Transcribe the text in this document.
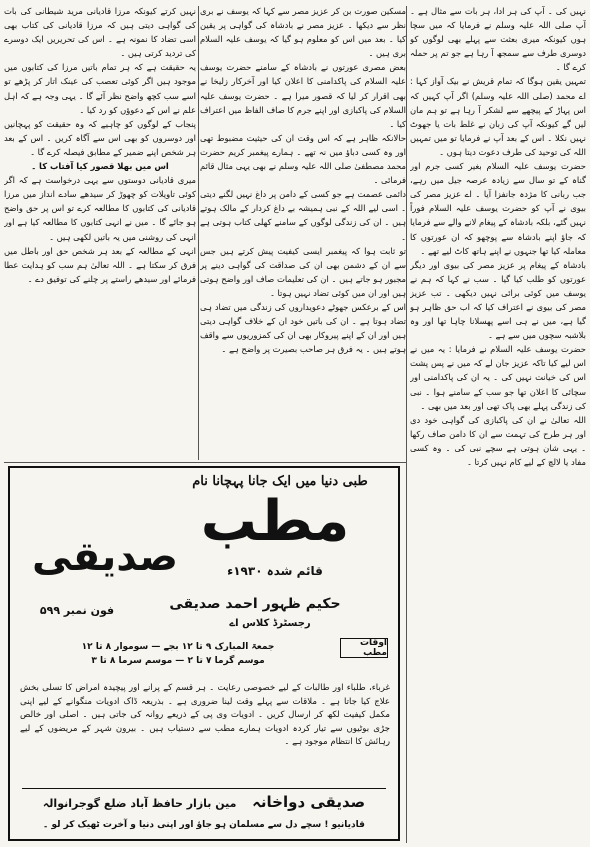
نہیں کی ۔ آپ کی ہر ادا، ہر بات سے مثال ہے ۔ آپ صلی اللہ علیہ وسلم نے فرمایا کہ میں سچا ہوں کیونکہ میری بعثت سے پہلے بھی لوگوں کو دوسری طرف سے سمجھ آ رہا ہے جو تم پر حملہ کرے گا ۔

تمہیں یقین ہوگا کہ تمام قریش نے بیک آواز کہا : اے محمد (صلی اللہ علیہ وسلم) اگر آپ کہیں کہ اس پہاڑ کے پیچھے سے لشکر آ رہا ہے تو ہم مان لیں گے کیونکہ آپ کی زبان نے غلط بات یا جھوٹ نہیں نکلا ۔ اس کے بعد آپ نے فرمایا تو میں تمہیں اللہ کی توحید کی طرف دعوت دیتا ہوں ۔

حضرت یوسف علیہ السلام بغیر کسی جرم اور گناہ کے تو سال سے زیادہ عرصہ جیل میں رہے، جب ربانی کا مژدہ جانفزا آیا ۔ اے عزیز مصر کی بیوی نے آپ کو حضرت یوسف علیہ السلام فوراً نہیں گئے، بلکہ بادشاہ کے پیغام لانے والے سے فرمایا کہ جاؤ اپنے بادشاہ سے پوچھو کہ ان عورتوں کا معاملہ کیا تھا جنہوں نے اپنے ہاتھ کاٹ لیے تھے ۔

بادشاہ کے پیغام پر عزیز مصر کی بیوی اور دیگر عورتوں کو طلب کیا گیا ۔ سب نے کہا کہ ہم نے یوسف میں کوئی برائی نہیں دیکھی ۔ تب عزیز مصر کی بیوی نے اعتراف کیا کہ اب حق ظاہر ہو گیا ہے، میں نے ہی اسے پھسلانا چاہا تھا اور وہ بلاشبہ سچوں میں سے ہے ۔

حضرت یوسف علیہ السلام نے فرمایا : یہ میں نے اس لیے کیا تاکہ عزیز جان لے کہ میں نے پس پشت اس کی خیانت نہیں کی ۔ یہ ان کی پاکدامنی اور سچائی کا اعلان تھا جو سب کے سامنے ہوا ۔ نبی کی زندگی پہلے بھی پاک تھی اور بعد میں بھی ۔

اللہ تعالیٰ نے ان کی پاکبازی کی گواہی خود دی اور ہر طرح کی تہمت سے ان کا دامن صاف رکھا ۔ یہی شان ہوتی ہے سچے نبی کی ۔ وہ کسی مفاد یا لالچ کے لیے کام نہیں کرتا ۔

مسکین صورت بن کر عزیز مصر سے کہا کہ یوسف نے بری نظر سے دیکھا ۔ عزیز مصر نے بادشاہ کی گواہی پر یقین کیا ۔ بعد میں اس کو معلوم ہو گیا کہ یوسف علیہ السلام بری ہیں ۔

بعض مصری عورتوں نے بادشاہ کے سامنے حضرت یوسف علیہ السلام کی پاکدامنی کا اعلان کیا اور آخرکار زلیخا نے بھی اقرار کر لیا کہ قصور میرا ہے ۔ حضرت یوسف علیہ السلام کی پاکبازی اور اپنے جرم کا صاف الفاظ میں اعتراف کیا ۔

حالانکہ ظاہر ہے کہ اس وقت ان کی حیثیت مضبوط تھی اور وہ کسی دباؤ میں نہ تھے ۔ ہمارے پیغمبر کریم حضرت محمد مصطفیٰ صلی اللہ علیہ وسلم نے بھی یہی مثال قائم فرمائی ۔

دائمی عصمت ہے جو کسی کے دامن پر داغ نہیں لگنے دیتی ۔ اسی لیے اللہ کے نبی ہمیشہ بے داغ کردار کے مالک ہوتے ہیں ۔ ان کی زندگی لوگوں کے سامنے کھلی کتاب ہوتی ہے ۔

تو ثابت ہوا کہ پیغمبر ایسی کیفیت پیش کرتے ہیں جس سے ان کے دشمن بھی ان کی صداقت کی گواہی دینے پر مجبور ہو جاتے ہیں ۔ ان کی تعلیمات صاف اور واضح ہوتی ہیں اور ان میں کوئی تضاد نہیں ہوتا ۔

اس کے برعکس جھوٹے دعویداروں کی زندگی میں تضاد ہی تضاد ہوتا ہے ۔ ان کی باتیں خود ان کے خلاف گواہی دیتی ہیں اور ان کے اپنے پیروکار بھی ان کی کمزوریوں سے واقف ہوتے ہیں ۔ یہ فرق ہر صاحب بصیرت پر واضح ہے ۔

نہیں کرتے کیونکہ مرزا قادیانی مرید شیطانی کی بات کی گواہی دیتی ہیں کہ مرزا قادیانی کی کتاب بھی اسی تضاد کا نمونہ ہے ۔ اس کی تحریریں ایک دوسرے کی تردید کرتی ہیں ۔

یہ حقیقت ہے کہ ہر تمام باتیں مرزا کی کتابوں میں موجود ہیں اگر کوئی تعصب کی عینک اتار کر پڑھے تو اسے سب کچھ واضح نظر آئے گا ۔ یہی وجہ ہے کہ اہل علم نے اس کے دعوؤں کو رد کیا ۔

پنجاب کے لوگوں کو چاہیے کہ وہ حقیقت کو پہچانیں اور دوسروں کو بھی اس سے آگاہ کریں ۔ اس کے بعد ہر شخص اپنے ضمیر کے مطابق فیصلہ کرے گا ۔

اس میں بھلا قصور کیا آفتاب کا ۔

میری قادیانی دوستوں سے یہی درخواست ہے کہ اگر کوئی تاویلات کو چھوڑ کر سیدھے سادے انداز میں مرزا قادیانی کی کتابوں کا مطالعہ کرے تو اس پر حق واضح ہو جائے گا ۔ میں نے انہی کتابوں کا مطالعہ کیا ہے اور انہی کی روشنی میں یہ باتیں لکھی ہیں ۔

انہی کے مطالعہ کے بعد ہر شخص حق اور باطل میں فرق کر سکتا ہے ۔ اللہ تعالیٰ ہم سب کو ہدایت عطا فرمائے اور سیدھے راستے پر چلنے کی توفیق دے ۔

طبی دنیا میں ایک جانا پہچانا نام
مطب
صدیقی	قائم شدہ ۱۹۳۰ء
حکیم ظہور احمد صدیقی
رجسٹرڈ کلاس اے
فون نمبر ۵۹۹
اوقات مطب
جمعۃ المبارک ۹ تا ۱۲ بجے — سوموار ۸ تا ۱۲
موسم گرما ۷ تا ۲ — موسم سرما ۸ تا ۳
غرباء، طلباء اور طالبات کے لیے خصوصی رعایت ۔ ہر قسم کے پرانے اور پیچیدہ امراض کا تسلی بخش علاج کیا جاتا ہے ۔ ملاقات سے پہلے وقت لینا ضروری ہے ۔ بذریعہ ڈاک ادویات منگوانے کے لیے اپنی مکمل کیفیت لکھ کر ارسال کریں ۔ ادویات وی پی کے ذریعے روانہ کی جاتی ہیں ۔ اصلی اور خالص جڑی بوٹیوں سے تیار کردہ ادویات ہمارے مطب سے دستیاب ہیں ۔ بیرون شہر کے مریضوں کے لیے رہائش کا انتظام موجود ہے ۔
صدیقی دواخانہ   مین بازار حافظ آباد ضلع گوجرانوالہ
قادیانیو ! سچے دل سے مسلمان ہو جاؤ اور اپنی دنیا و آخرت ٹھیک کر لو ۔
